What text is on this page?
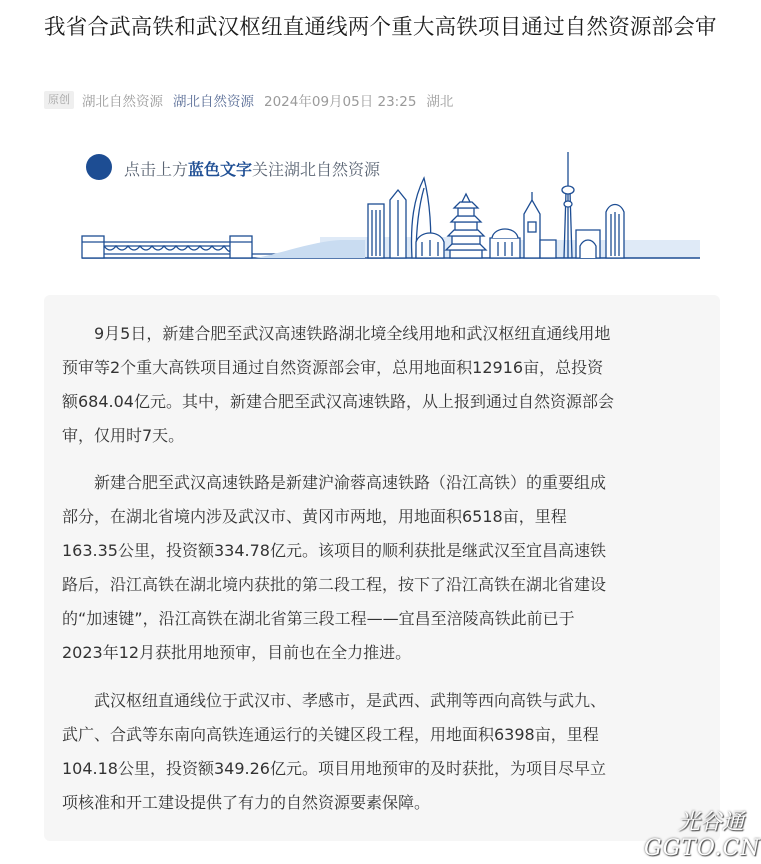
我省合武高铁和武汉枢纽直通线两个重大高铁项目通过自然资源部会审
原创 湖北自然资源 湖北自然资源 2024年09月05日 23:25 湖北
点击上方蓝色文字关注湖北自然资源

9月5日，新建合肥至武汉高速铁路湖北境全线用地和武汉枢纽直通线用地
预审等2个重大高铁项目通过自然资源部会审，总用地面积12916亩，总投资
额684.04亿元。其中，新建合肥至武汉高速铁路，从上报到通过自然资源部会
审，仅用时7天。

新建合肥至武汉高速铁路是新建沪渝蓉高速铁路（沿江高铁）的重要组成
部分，在湖北省境内涉及武汉市、黄冈市两地，用地面积6518亩，里程
163.35公里，投资额334.78亿元。该项目的顺利获批是继武汉至宜昌高速铁
路后，沿江高铁在湖北境内获批的第二段工程，按下了沿江高铁在湖北省建设
的“加速键”，沿江高铁在湖北省第三段工程——宜昌至涪陵高铁此前已于
2023年12月获批用地预审，目前也在全力推进。

武汉枢纽直通线位于武汉市、孝感市，是武西、武荆等西向高铁与武九、
武广、合武等东南向高铁连通运行的关键区段工程，用地面积6398亩，里程
104.18公里，投资额349.26亿元。项目用地预审的及时获批，为项目尽早立
项核准和开工建设提供了有力的自然资源要素保障。

光谷通
GGTO.CN
